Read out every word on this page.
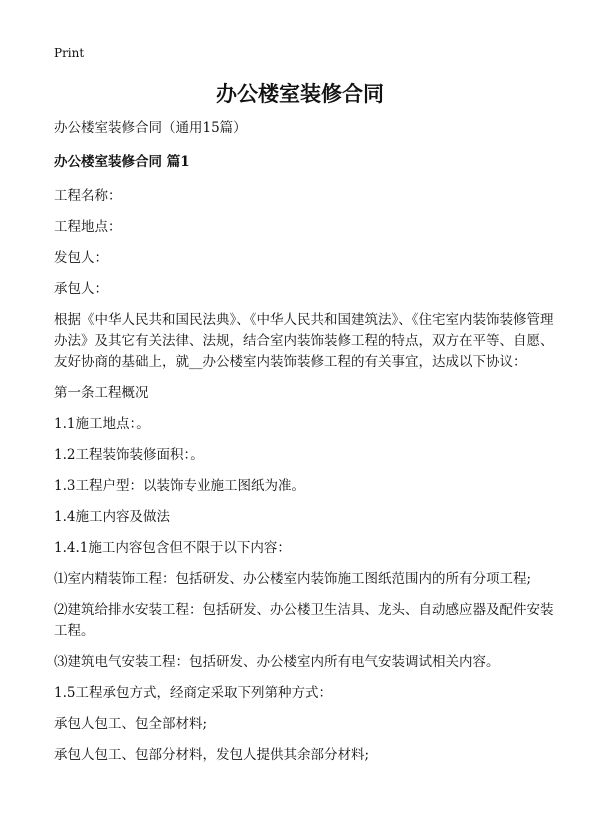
Print
办公楼室装修合同

办公楼室装修合同（通用15篇）

办公楼室装修合同 篇1

工程名称：

工程地点：

发包人：

承包人：

根据《中华人民共和国民法典》、《中华人民共和国建筑法》、《住宅室内装饰装修管理办法》及其它有关法律、法规，结合室内装饰装修工程的特点，双方在平等、自愿、友好协商的基础上，就__办公楼室内装饰装修工程的有关事宜，达成以下协议：

第一条工程概况

1.1施工地点：。

1.2工程装饰装修面积：。

1.3工程户型：以装饰专业施工图纸为准。

1.4施工内容及做法

1.4.1施工内容包含但不限于以下内容：

⑴室内精装饰工程：包括研发、办公楼室内装饰施工图纸范围内的所有分项工程;

⑵建筑给排水安装工程：包括研发、办公楼卫生洁具、龙头、自动感应器及配件安装工程。

⑶建筑电气安装工程：包括研发、办公楼室内所有电气安装调试相关内容。

1.5工程承包方式，经商定采取下列第种方式：

承包人包工、包全部材料;

承包人包工、包部分材料，发包人提供其余部分材料;
